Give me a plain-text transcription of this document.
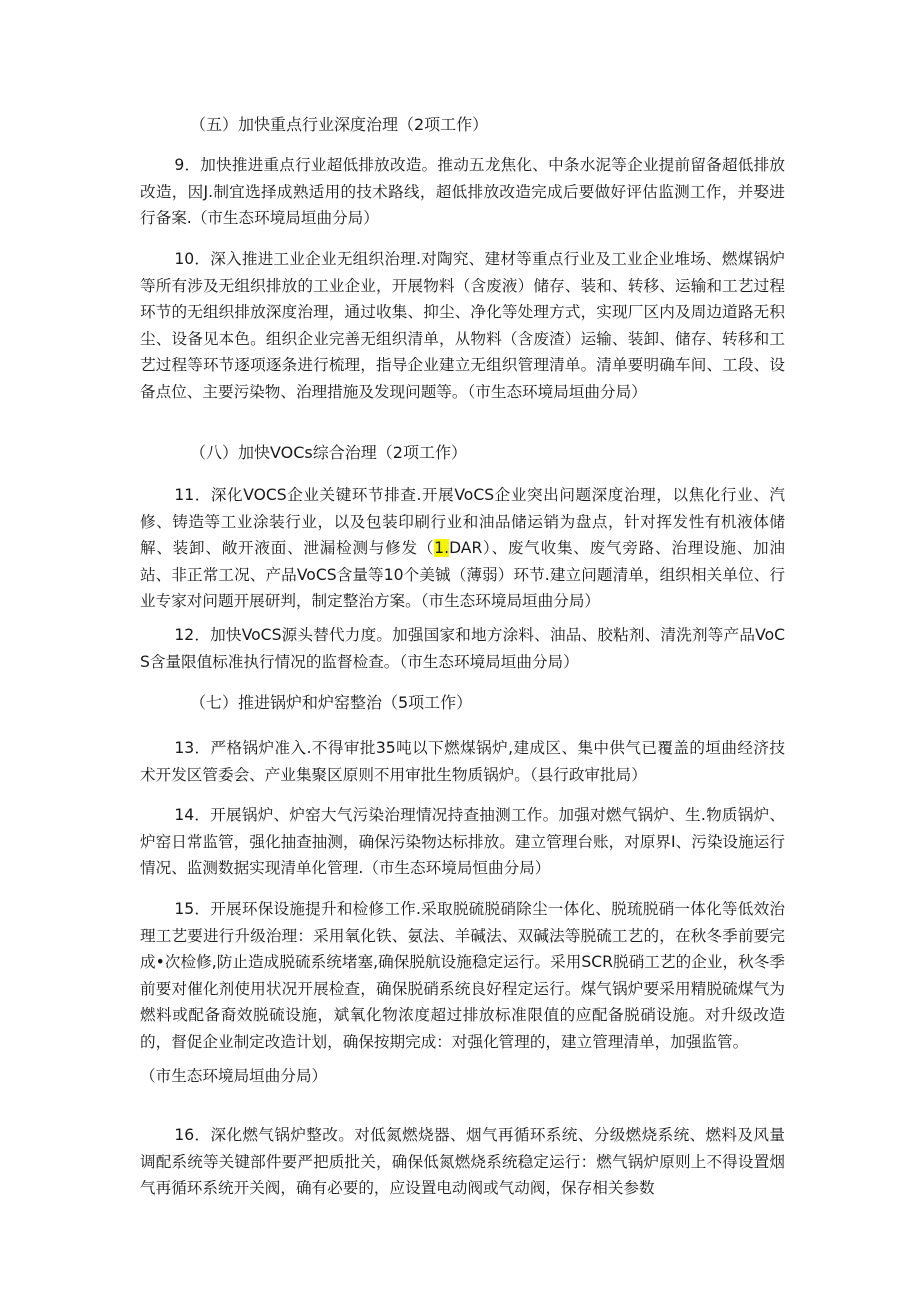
（五）加快重点行业深度治理（2项工作）

9．加快推进重点行业超低排放改造。推动五龙焦化、中条水泥等企业提前留备超低排放改造，因J.制宜选择成熟适用的技术路线，超低排放改造完成后要做好评估监测工作，并娶进行备案.（市生态环境局垣曲分局）

10．深入推进工业企业无组织治理.对陶究、建材等重点行业及工业企业堆场、燃煤锅炉等所有涉及无组织排放的工业企业，开展物料（含废液）储存、装和、转移、运输和工艺过程环节的无组织排放深度治理，通过收集、抑尘、净化等处理方式，实现厂区内及周边道路无积尘、设备见本色。组织企业完善无组织清单，从物料（含废渣）运输、装卸、储存、转移和工艺过程等环节逐项逐条进行梳理，指导企业建立无组织管理清单。清单要明确车间、工段、设备点位、主要污染物、治理措施及发现问题等。（市生态环境局垣曲分局）

（八）加快VOCs综合治理（2项工作）

11．深化VOCS企业关键环节排查.开展VoCS企业突出问题深度治理，以焦化行业、汽修、铸造等工业涂装行业，以及包装印刷行业和油品储运销为盘点，针对挥发性有机液体储解、装卸、敞开液面、泄漏检测与修发（1.DAR）、废气收集、废气旁路、治理设施、加油站、非正常工况、产品VoCS含量等10个美铖（薄弱）环节.建立问题清单，组织相关单位、行业专家对问题开展研判，制定整治方案。（市生态环境局垣曲分局）

12．加快VoCS源头替代力度。加强国家和地方涂料、油品、胶粘剂、清洗剂等产品VoCS含量限值标准执行情况的监督检查。（市生态环境局垣曲分局）

（七）推进锅炉和炉窑整治（5项工作）

13．严格锅炉准入.不得审批35吨以下燃煤锅炉,建成区、集中供气已覆盖的垣曲经济技术开发区管委会、产业集聚区原则不用审批生物质锅炉。（县行政审批局）

14．开展锅炉、炉窑大气污染治理情况持查抽测工作。加强对燃气锅炉、生.物质锅炉、炉窑日常监管，强化抽查抽测，确保污染物达标排放。建立管理台账，对原界I、污染设施运行情况、监测数据实现清单化管理.（市生态环境局恒曲分局）

15．开展环保设施提升和检修工作.采取脱硫脱硝除尘一体化、脱琉脱硝一体化等低效治理工艺要进行升级治理：采用氧化铁、氨法、羊碱法、双碱法等脱硫工艺的，在秋冬季前要完成•次检修,防止造成脱硫系统堵塞,确保脱航设施稳定运行。采用SCR脱硝工艺的企业，秋冬季前要对催化剂使用状况开展检查，确保脱硝系统良好程定运行。煤气锅炉要采用精脱硫煤气为燃料或配备裔效脱硫设施，斌氧化物浓度超过排放标准限值的应配备脱硝设施。对升级改造的，督促企业制定改造计划，确保按期完成：对强化管理的，建立管理清单，加强监管。

（市生态环境局垣曲分局）

16．深化燃气锅炉整改。对低氮燃烧器、烟气再循环系统、分级燃烧系统、燃料及风量调配系统等关键部件要严把质批关，确保低氮燃烧系统稳定运行：燃气锅炉原则上不得设置烟气再循环系统开关阀，确有必要的，应设置电动阀或气动阀，保存相关参数
